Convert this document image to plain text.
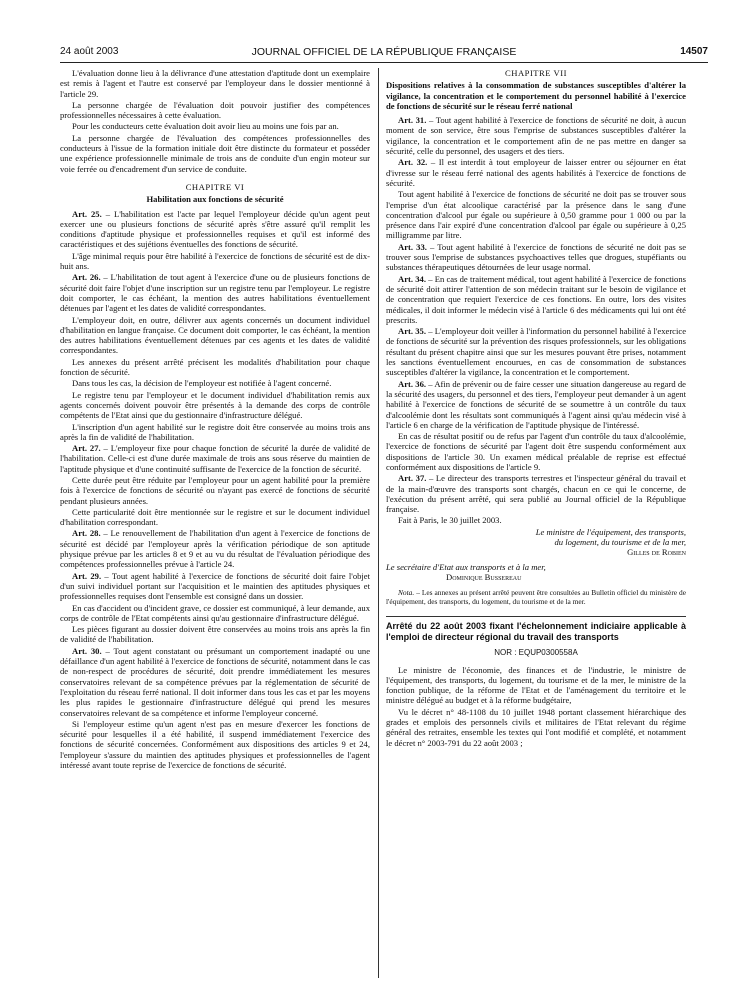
24 août 2003	JOURNAL OFFICIEL DE LA RÉPUBLIQUE FRANÇAISE	14507

L'évaluation donne lieu à la délivrance d'une attestation d'aptitude dont un exemplaire est remis à l'agent et l'autre est conservé par l'employeur dans le dossier mentionné à l'article 29.

La personne chargée de l'évaluation doit pouvoir justifier des compétences professionnelles nécessaires à cette évaluation.

Pour les conducteurs cette évaluation doit avoir lieu au moins une fois par an.

La personne chargée de l'évaluation des compétences professionnelles des conducteurs à l'issue de la formation initiale doit être distincte du formateur et posséder une expérience professionnelle minimale de trois ans de conduite d'un engin moteur sur voie ferrée ou d'encadrement d'un service de conduite.

CHAPITRE VI

Habilitation aux fonctions de sécurité

Art. 25. – L'habilitation est l'acte par lequel l'employeur décide qu'un agent peut exercer une ou plusieurs fonctions de sécurité après s'être assuré qu'il remplit les conditions d'aptitude physique et professionnelles requises et qu'il est informé des caractéristiques et des sujétions éventuelles des fonctions de sécurité.

L'âge minimal requis pour être habilité à l'exercice de fonctions de sécurité est de dix-huit ans.

Art. 26. – L'habilitation de tout agent à l'exercice d'une ou de plusieurs fonctions de sécurité doit faire l'objet d'une inscription sur un registre tenu par l'employeur. Le registre doit comporter, le cas échéant, la mention des autres habilitations éventuellement détenues par l'agent et les dates de validité correspondantes.

L'employeur doit, en outre, délivrer aux agents concernés un document individuel d'habilitation en langue française. Ce document doit comporter, le cas échéant, la mention des autres habilitations éventuellement détenues par ces agents et les dates de validité correspondantes.

Les annexes du présent arrêté précisent les modalités d'habilitation pour chaque fonction de sécurité.

Dans tous les cas, la décision de l'employeur est notifiée à l'agent concerné.

Le registre tenu par l'employeur et le document individuel d'habilitation remis aux agents concernés doivent pouvoir être présentés à la demande des corps de contrôle compétents de l'Etat ainsi que du gestionnaire d'infrastructure délégué.

L'inscription d'un agent habilité sur le registre doit être conservée au moins trois ans après la fin de validité de l'habilitation.

Art. 27. – L'employeur fixe pour chaque fonction de sécurité la durée de validité de l'habilitation. Celle-ci est d'une durée maximale de trois ans sous réserve du maintien de l'aptitude physique et d'une continuité suffisante de l'exercice de la fonction de sécurité.

Cette durée peut être réduite par l'employeur pour un agent habilité pour la première fois à l'exercice de fonctions de sécurité ou n'ayant pas exercé de fonctions de sécurité pendant plusieurs années.

Cette particularité doit être mentionnée sur le registre et sur le document individuel d'habilitation correspondant.

Art. 28. – Le renouvellement de l'habilitation d'un agent à l'exercice de fonctions de sécurité est décidé par l'employeur après la vérification périodique de son aptitude physique prévue par les articles 8 et 9 et au vu du résultat de l'évaluation périodique des compétences professionnelles prévue à l'article 24.

Art. 29. – Tout agent habilité à l'exercice de fonctions de sécurité doit faire l'objet d'un suivi individuel portant sur l'acquisition et le maintien des aptitudes physiques et professionnelles requises dont l'ensemble est consigné dans un dossier.

En cas d'accident ou d'incident grave, ce dossier est communiqué, à leur demande, aux corps de contrôle de l'Etat compétents ainsi qu'au gestionnaire d'infrastructure délégué.

Les pièces figurant au dossier doivent être conservées au moins trois ans après la fin de validité de l'habilitation.

Art. 30. – Tout agent constatant ou présumant un comportement inadapté ou une défaillance d'un agent habilité à l'exercice de fonctions de sécurité, notamment dans le cas de non-respect de procédures de sécurité, doit prendre immédiatement les mesures conservatoires relevant de sa compétence prévues par la réglementation de sécurité de l'exploitation du réseau ferré national. Il doit informer dans tous les cas et par les moyens les plus rapides le gestionnaire d'infrastructure délégué qui prend les mesures conservatoires relevant de sa compétence et informe l'employeur concerné.

Si l'employeur estime qu'un agent n'est pas en mesure d'exercer les fonctions de sécurité pour lesquelles il a été habilité, il suspend immédiatement l'exercice des fonctions de sécurité concernées. Conformément aux dispositions des articles 9 et 24, l'employeur s'assure du maintien des aptitudes physiques et professionnelles de l'agent intéressé avant toute reprise de l'exercice de fonctions de sécurité.

CHAPITRE VII

Dispositions relatives à la consommation de substances susceptibles d'altérer la vigilance, la concentration et le comportement du personnel habilité à l'exercice de fonctions de sécurité sur le réseau ferré national

Art. 31. – Tout agent habilité à l'exercice de fonctions de sécurité ne doit, à aucun moment de son service, être sous l'emprise de substances susceptibles d'altérer la vigilance, la concentration et le comportement afin de ne pas mettre en danger sa sécurité, celle du personnel, des usagers et des tiers.

Art. 32. – Il est interdit à tout employeur de laisser entrer ou séjourner en état d'ivresse sur le réseau ferré national des agents habilités à l'exercice de fonctions de sécurité.

Tout agent habilité à l'exercice de fonctions de sécurité ne doit pas se trouver sous l'emprise d'un état alcoolique caractérisé par la présence dans le sang d'une concentration d'alcool pur égale ou supérieure à 0,50 gramme pour 1 000 ou par la présence dans l'air expiré d'une concentration d'alcool par égale ou supérieure à 0,25 milligramme par litre.

Art. 33. – Tout agent habilité à l'exercice de fonctions de sécurité ne doit pas se trouver sous l'emprise de substances psychoactives telles que drogues, stupéfiants ou substances thérapeutiques détournées de leur usage normal.

Art. 34. – En cas de traitement médical, tout agent habilité à l'exercice de fonctions de sécurité doit attirer l'attention de son médecin traitant sur le besoin de vigilance et de concentration que requiert l'exercice de ces fonctions. En outre, lors des visites médicales, il doit informer le médecin visé à l'article 6 des médicaments qui lui ont été prescrits.

Art. 35. – L'employeur doit veiller à l'information du personnel habilité à l'exercice de fonctions de sécurité sur la prévention des risques professionnels, sur les obligations résultant du présent chapitre ainsi que sur les mesures pouvant être prises, notamment les sanctions éventuellement encourues, en cas de consommation de substances susceptibles d'altérer la vigilance, la concentration et le comportement.

Art. 36. – Afin de prévenir ou de faire cesser une situation dangereuse au regard de la sécurité des usagers, du personnel et des tiers, l'employeur peut demander à un agent habilité à l'exercice de fonctions de sécurité de se soumettre à un contrôle du taux d'alcoolémie dont les résultats sont communiqués à l'agent ainsi qu'au médecin visé à l'article 6 en charge de la vérification de l'aptitude physique de l'intéressé.

En cas de résultat positif ou de refus par l'agent d'un contrôle du taux d'alcoolémie, l'exercice de fonctions de sécurité par l'agent doit être suspendu conformément aux dispositions de l'article 30. Un examen médical préalable de reprise est effectué conformément aux dispositions de l'article 9.

Art. 37. – Le directeur des transports terrestres et l'inspecteur général du travail et de la main-d'œuvre des transports sont chargés, chacun en ce qui le concerne, de l'exécution du présent arrêté, qui sera publié au Journal officiel de la République française.

Fait à Paris, le 30 juillet 2003.

Le ministre de l'équipement, des transports,

du logement, du tourisme et de la mer,

Gilles de Robien

Le secrétaire d'Etat aux transports et à la mer,

Dominique Bussereau

Nota. – Les annexes au présent arrêté peuvent être consultées au Bulletin officiel du ministère de l'équipement, des transports, du logement, du tourisme et de la mer.

Arrêté du 22 août 2003 fixant l'échelonnement indiciaire applicable à l'emploi de directeur régional du travail des transports

NOR : EQUP0300558A

Le ministre de l'économie, des finances et de l'industrie, le ministre de l'équipement, des transports, du logement, du tourisme et de la mer, le ministre de la fonction publique, de la réforme de l'Etat et de l'aménagement du territoire et le ministre délégué au budget et à la réforme budgétaire,

Vu le décret n° 48-1108 du 10 juillet 1948 portant classement hiérarchique des grades et emplois des personnels civils et militaires de l'Etat relevant du régime général des retraites, ensemble les textes qui l'ont modifié et complété, et notamment le décret n° 2003-791 du 22 août 2003 ;
